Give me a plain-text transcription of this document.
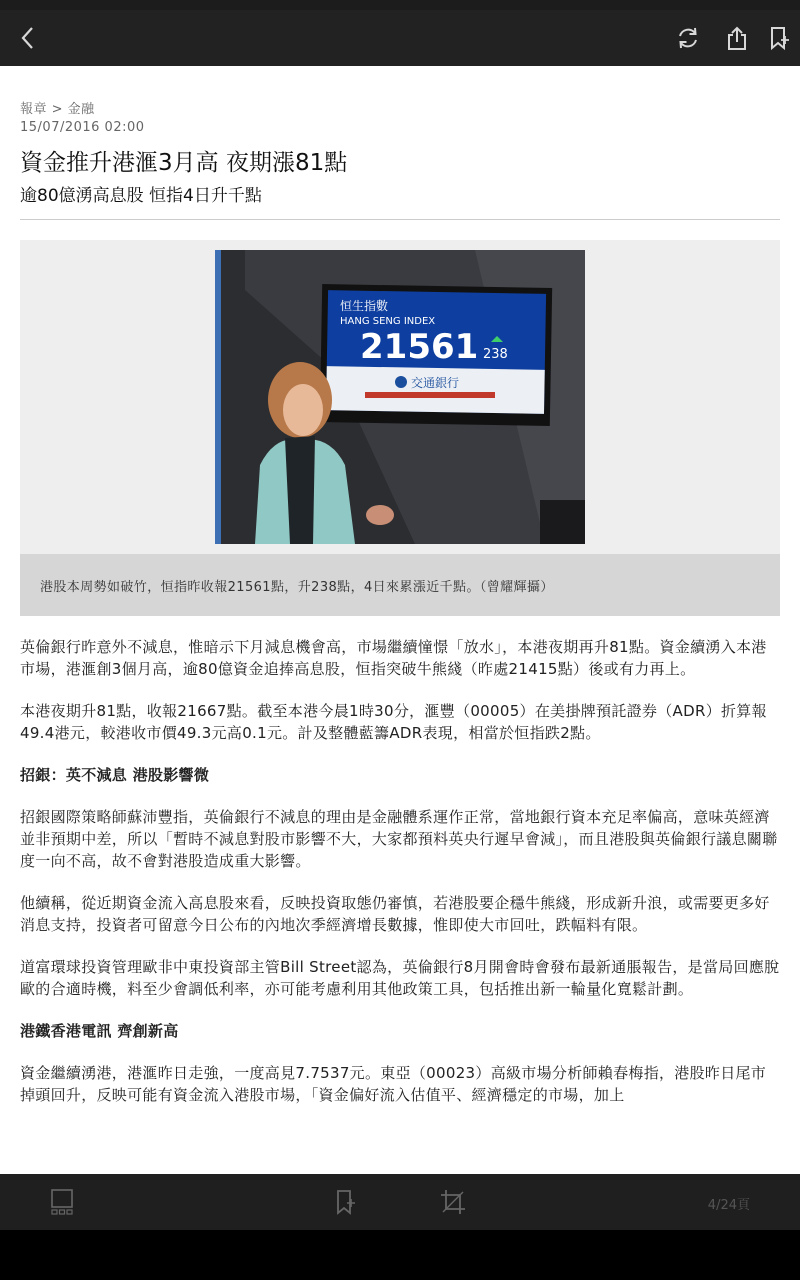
報章 > 金融
15/07/2016 02:00
資金推升港滙3月高 夜期漲81點
逾80億湧高息股 恒指4日升千點
恒生指數
HANG SENG INDEX
21561 238
交通銀行
港股本周勢如破竹，恒指昨收報21561點，升238點，4日來累漲近千點。（曾耀輝攝）

英倫銀行昨意外不減息，惟暗示下月減息機會高，市場繼續憧憬「放水」，本港夜期再升81點。資金續湧入本港市場，港滙創3個月高，逾80億資金追捧高息股，恒指突破牛熊綫（昨處21415點）後或有力再上。

本港夜期升81點，收報21667點。截至本港今晨1時30分，滙豐（00005）在美掛牌預託證券（ADR）折算報49.4港元，較港收市價49.3元高0.1元。計及整體藍籌ADR表現，相當於恒指跌2點。

招銀：英不減息 港股影響微

招銀國際策略師蘇沛豐指，英倫銀行不減息的理由是金融體系運作正常，當地銀行資本充足率偏高，意味英經濟並非預期中差，所以「暫時不減息對股市影響不大，大家都預料英央行遲早會減」，而且港股與英倫銀行議息關聯度一向不高，故不會對港股造成重大影響。

他續稱，從近期資金流入高息股來看，反映投資取態仍審慎，若港股要企穩牛熊綫，形成新升浪，或需要更多好消息支持，投資者可留意今日公布的內地次季經濟增長數據，惟即使大市回吐，跌幅料有限。

道富環球投資管理歐非中東投資部主管Bill Street認為，英倫銀行8月開會時會發布最新通脹報告，是當局回應脫歐的合適時機，料至少會調低利率，亦可能考慮利用其他政策工具，包括推出新一輪量化寬鬆計劃。

港鐵香港電訊 齊創新高

資金繼續湧港，港滙昨日走強，一度高見7.7537元。東亞（00023）高級市場分析師賴春梅指，港股昨日尾市掉頭回升，反映可能有資金流入港股市場，「資金偏好流入估值平、經濟穩定的市場，加上

4/24頁
